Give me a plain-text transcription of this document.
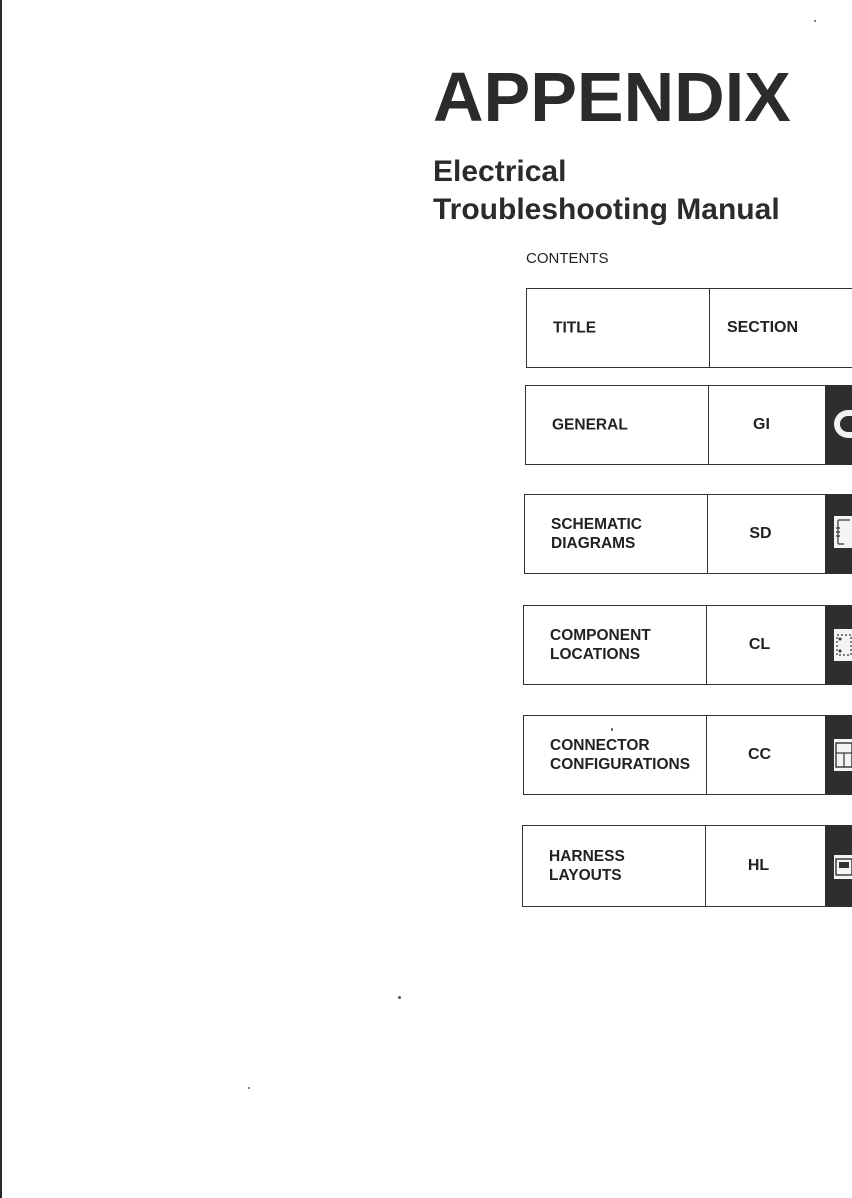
APPENDIX
Electrical
Troubleshooting Manual
CONTENTS
TITLE	SECTION
GENERAL	GI
SCHEMATIC
DIAGRAMS
SD
COMPONENT
LOCATIONS
CL
CONNECTOR
CONFIGURATIONS
CC
HARNESS
LAYOUTS
HL
